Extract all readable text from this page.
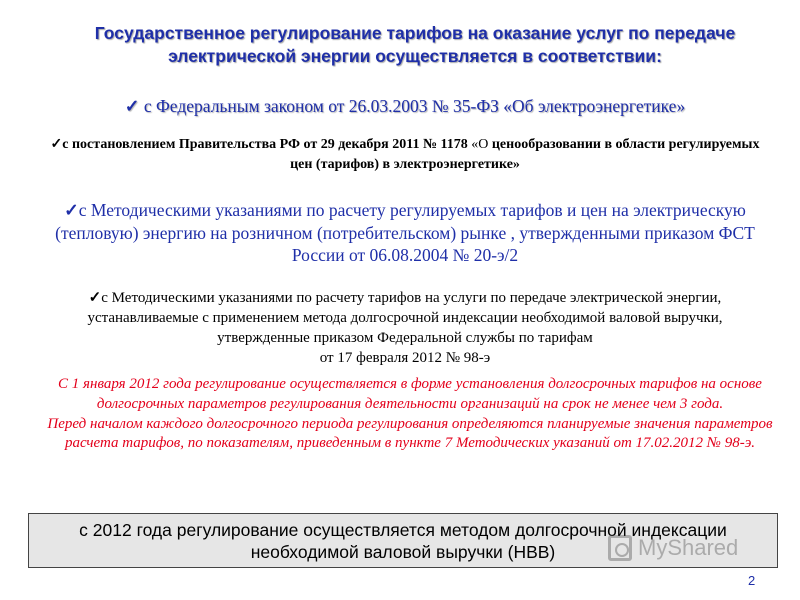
Государственное регулирование тарифов на оказание услуг по передаче
электрической энергии осуществляется в соответствии:
✓ с Федеральным законом от 26.03.2003 № 35-ФЗ «Об электроэнергетике»
✓с постановлением Правительства РФ от 29 декабря 2011 № 1178 «О ценообразовании в области регулируемых цен (тарифов) в электроэнергетике»
✓с Методическими указаниями по расчету регулируемых тарифов и цен на электрическую (тепловую) энергию на розничном (потребительском) рынке , утвержденными приказом ФСТ России от 06.08.2004 № 20-э/2
✓с Методическими указаниями по расчету тарифов на услуги по передаче электрической энергии, устанавливаемые с применением метода долгосрочной индексации необходимой валовой выручки, утвержденные приказом Федеральной службы по тарифам
от 17 февраля 2012 № 98-э
С 1 января 2012 года регулирование осуществляется в форме установления долгосрочных тарифов на основе долгосрочных параметров регулирования деятельности организаций на срок не менее чем 3 года.
Перед началом каждого долгосрочного периода регулирования определяются планируемые значения параметров расчета тарифов, по показателям, приведенным в пункте 7 Методических указаний от 17.02.2012 № 98-э.
с 2012 года регулирование осуществляется методом долгосрочной индексации
необходимой валовой выручки (НВВ)	MyShared
2
